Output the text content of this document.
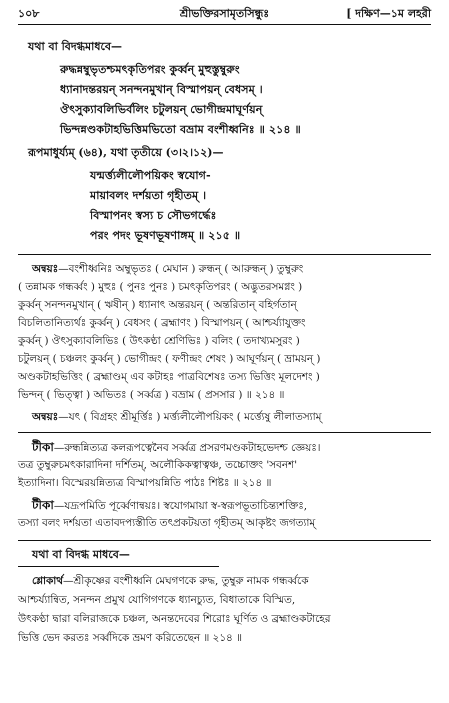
১০৮	শ্রীভক্তিরসামৃতসিন্ধুঃ	[ দক্ষিণ—১ম লহরী
যথা বা বিদগ্ধমাধবে—
রুদ্ধন্নম্বুভৃতশ্চমৎকৃতিপরং কুর্ব্বন্ মুহুস্তুম্বুরুং
ধ্যানাদন্তরয়ন্ সনন্দনমুখান্ বিস্মাপয়ন্ বেধসম্ ।
ঔৎসুক্যাবলিভির্বলিং চটুলয়ন্ ভোগীন্দ্রমাঘূর্ণয়ন্
ভিন্দন্নণ্ডকটাহভিত্তিমভিতো বভ্রাম বংশীধ্বনিঃ ॥ ২১৪ ॥
রূপমাধুর্য্যম্ (৬৪), যথা তৃতীয়ে (৩।২।১২)—
যন্মর্ত্ত্যলীলৌপয়িকং স্বযোগ-
মায়াবলং দর্শয়তা গৃহীতম্ ।
বিস্মাপনং স্বস্য চ সৌভগর্দ্ধেঃ
পরং পদং ভূষণভূষণাঙ্গম্ ॥ ২১৫ ॥
অন্বয়ঃ—বংশীধ্বনিঃ অম্বুভৃতঃ ( মেঘান ) রুন্ধন্ ( আরুন্ধন্ ) তুম্বুরুং
( তন্নামক গন্ধর্ব্বং ) মুহুঃ ( পুনঃ পুনঃ ) চমৎকৃতিপরং ( অদ্ভুতরসমগ্নং )
কুর্ব্বন্ সনন্দনমুখান্ ( ঋষীন্ ) ধ্যানাৎ অন্তরয়ন্ ( অন্তরিতান্ বহির্গতান্
বিচলিতানিত্যর্থঃ কুর্ব্বন্ ) বেধসং ( ব্রহ্মাণং ) বিস্মাপয়ন্ ( আশ্চর্য্যাযুক্তং
কুর্ব্বন্ ) ঔৎসুক্যাবলিভিঃ ( উৎকণ্ঠা শ্রেণিভিঃ ) বলিং ( তদাখ্যমসুরং )
চটুলয়ন্ ( চঞ্চলং কুর্ব্বন্ ) ভোগীন্দ্রং ( ফণীন্দ্রং শেষং ) আঘূর্ণয়ন্ ( ভ্রাময়ন্ )
অণ্ডকটাহভিত্তিং ( ব্রহ্মাণ্ডম্ এব কটাহঃ পাত্রবিশেষঃ তস্য ভিত্তিং মূলদেশং )
ভিন্দন্ ( ভিত্ত্বা ) অভিতঃ ( সর্ব্বত্র ) বভ্রাম ( প্রসসার ) ॥ ২১৪ ॥
অন্বয়ঃ—যৎ ( বিগ্রহং শ্রীমূর্ত্তিঃ ) মর্ত্ত্যলীলৌপয়িকং ( মর্ত্ত্যেষু লীলাতস্যাম্
টীকা—রুন্ধন্নিত্যত্র কলরূপত্বেনৈব সর্ব্বত্র প্রসরণমণ্ডকটাহভেদশ্চ জ্ঞেয়ঃ।
তত্র তুম্বুরুচমৎকারাদিনা দর্শিতম্, অলৌকিকত্বাত্বঞ্চ, তচ্চোক্তং 'সবনশ'
ইত্যাদিনা। বিস্মেরয়ন্নিত্যত্র বিস্মাপয়ন্নিতি পাঠঃ শিষ্টঃ ॥ ২১৪ ॥
টীকা—যদ্রূপমিতি পূর্ব্বেণান্বয়ঃ। স্বযোগমায়া স্ব-স্বরূপভূতাচিন্ত্যশক্তিঃ,
তস্যা বলং দর্শয়তা এতাবদপ্যস্তীতি তৎপ্রকটয়তা গৃহীতম্ আকৃষ্টং জগত্যাম্
যথা বা বিদগ্ধ মাধবে—
শ্লোকার্থ—শ্রীকৃষ্ণের বংশীধ্বনি মেঘগণকে রুদ্ধ, তুম্বুরু নামক গন্ধর্ব্বকে
আশ্চর্য্যান্বিত, সনন্দন প্রমুখ যোগিগণকে ধ্যানচ্যুত, বিধাতাকে বিস্মিত,
উৎকণ্ঠা দ্বারা বলিরাজকে চঞ্চল, অনন্তদেবের শিরোঃ ঘূর্ণিত ও ব্রহ্মাণ্ডকটাহের
ভিত্তি ভেদ করতঃ সর্ব্বদিকে ভ্রমণ করিতেছেন ॥ ২১৪ ॥
